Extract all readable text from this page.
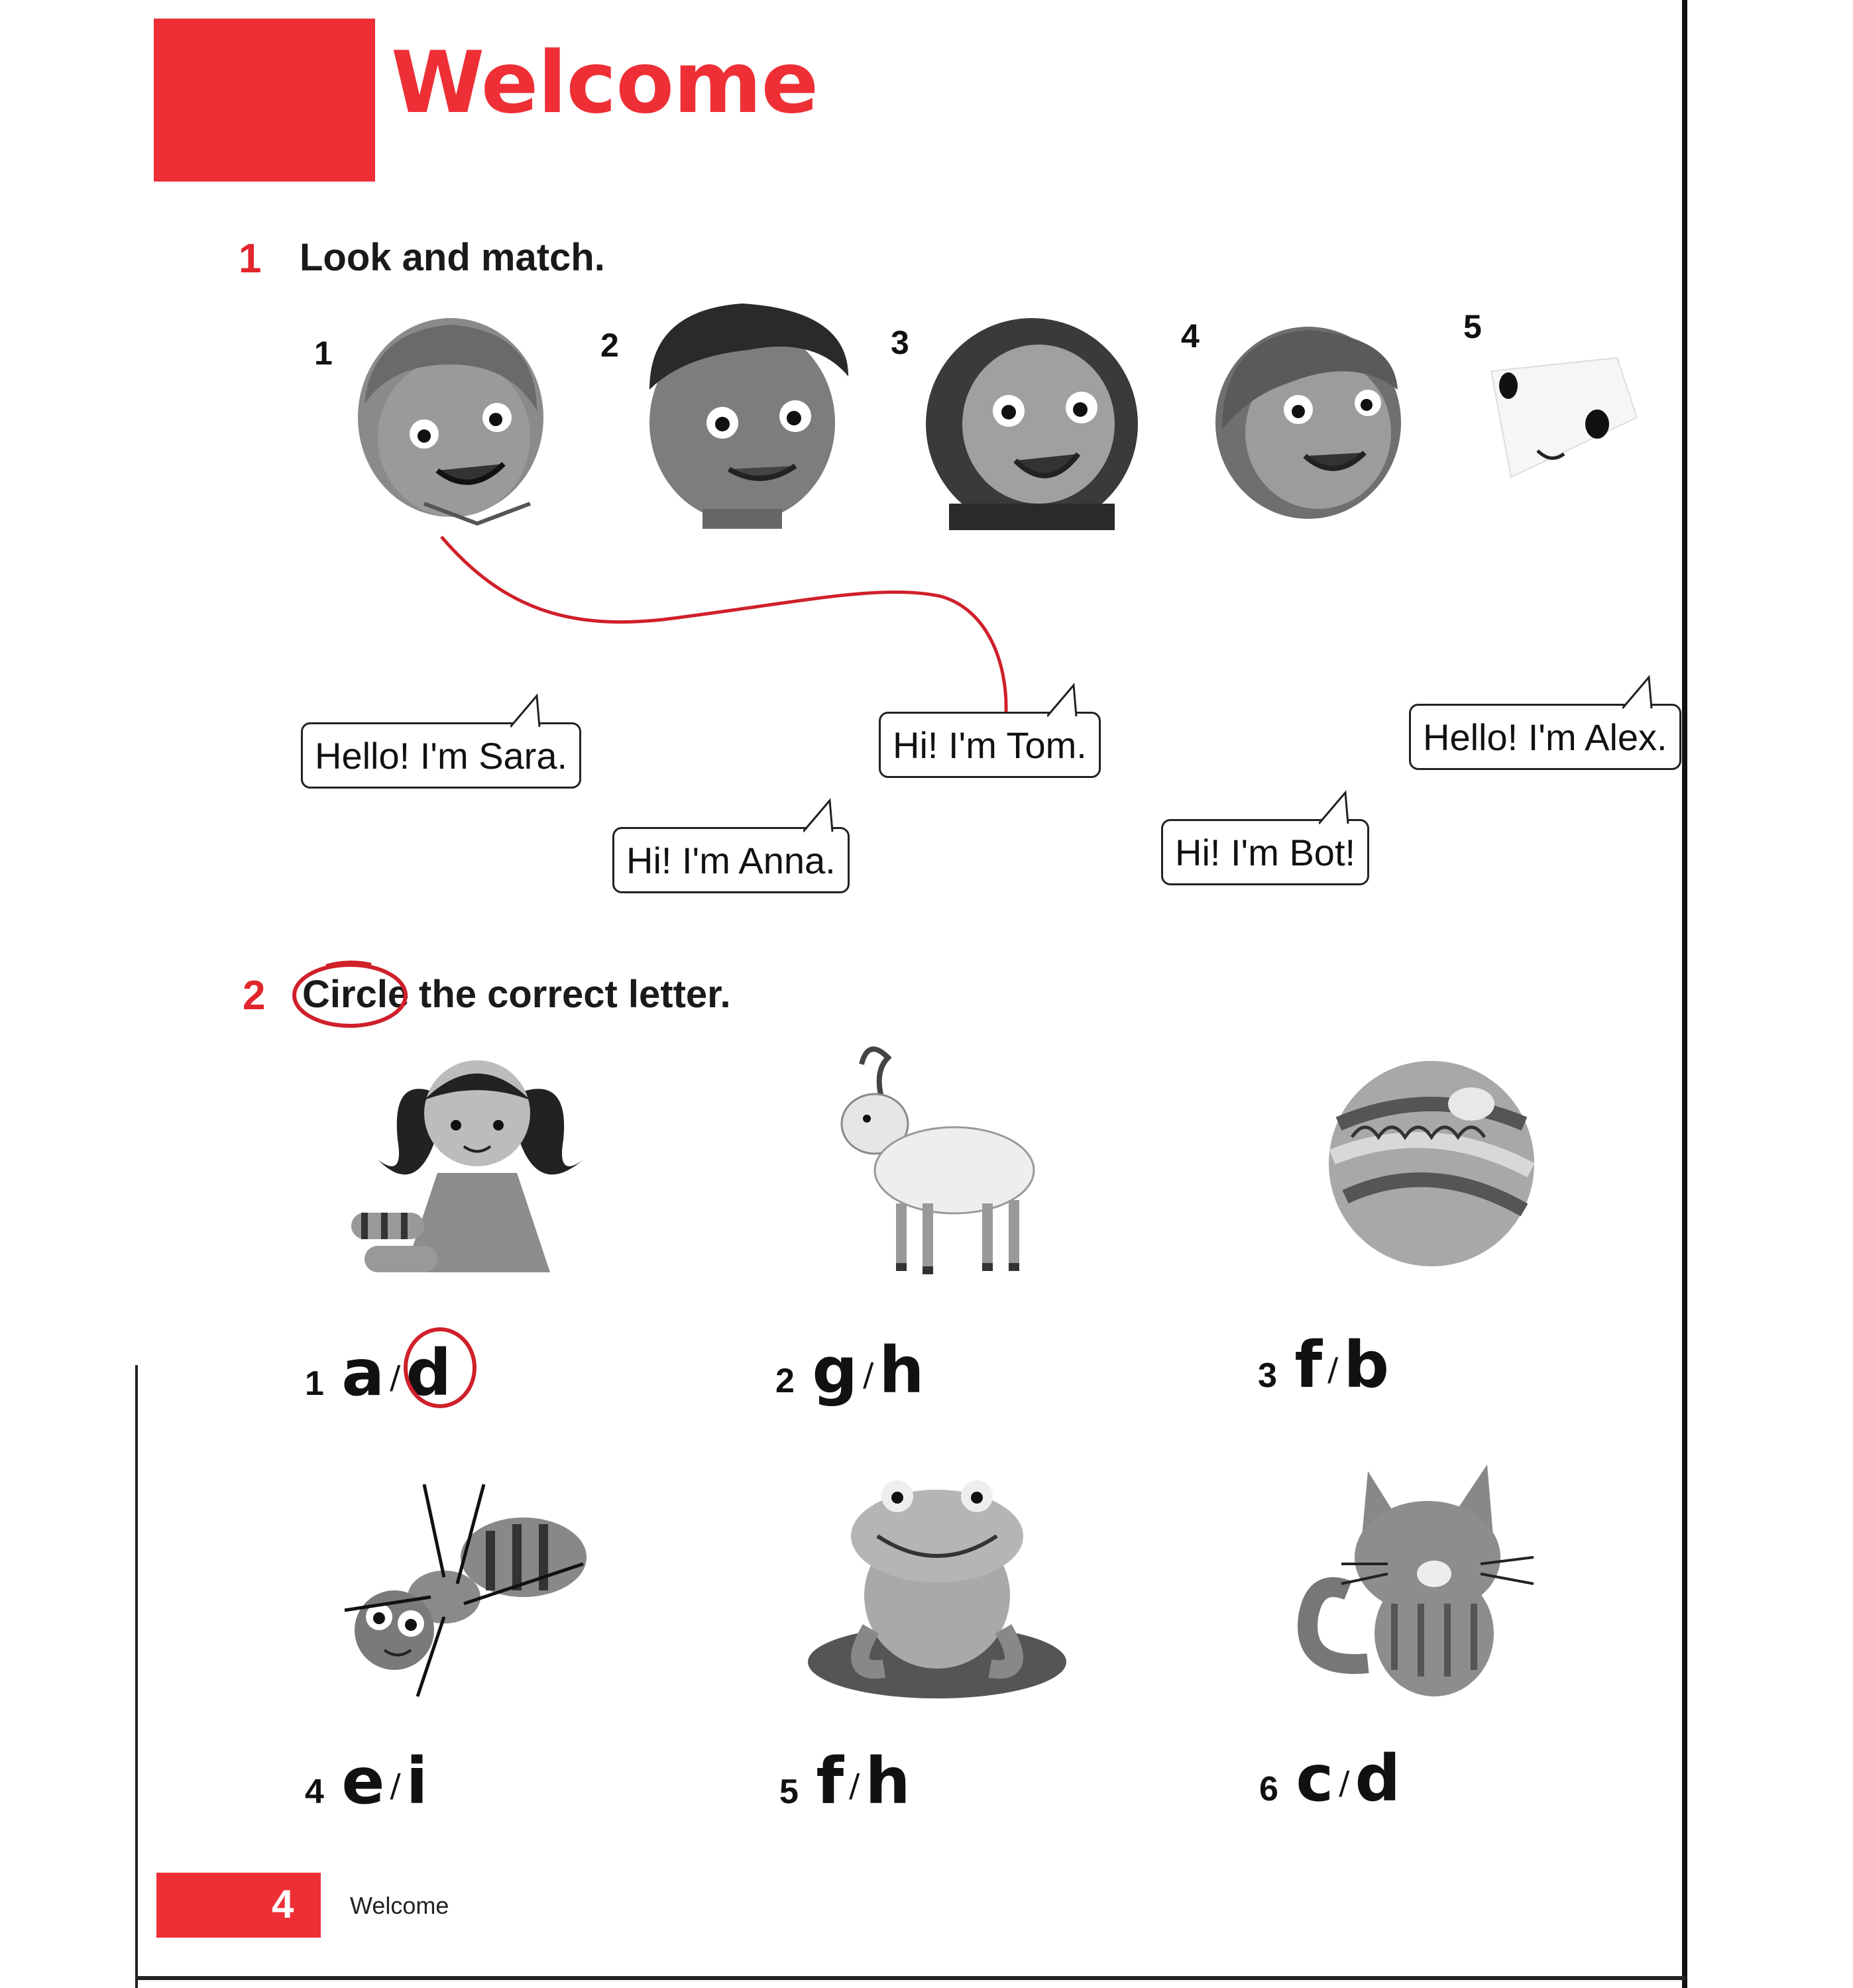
Welcome
1 Look and match.
1	2	3	4	5
Hello! I'm Sara.
Hi! I'm Anna.
Hi! I'm Tom.
Hi! I'm Bot!
Hello! I'm Alex.
2 Circle the correct letter.
1 a /d	2 g /h	3 f /b
4 e /i	5 f /h	6 c /d
4 Welcome
